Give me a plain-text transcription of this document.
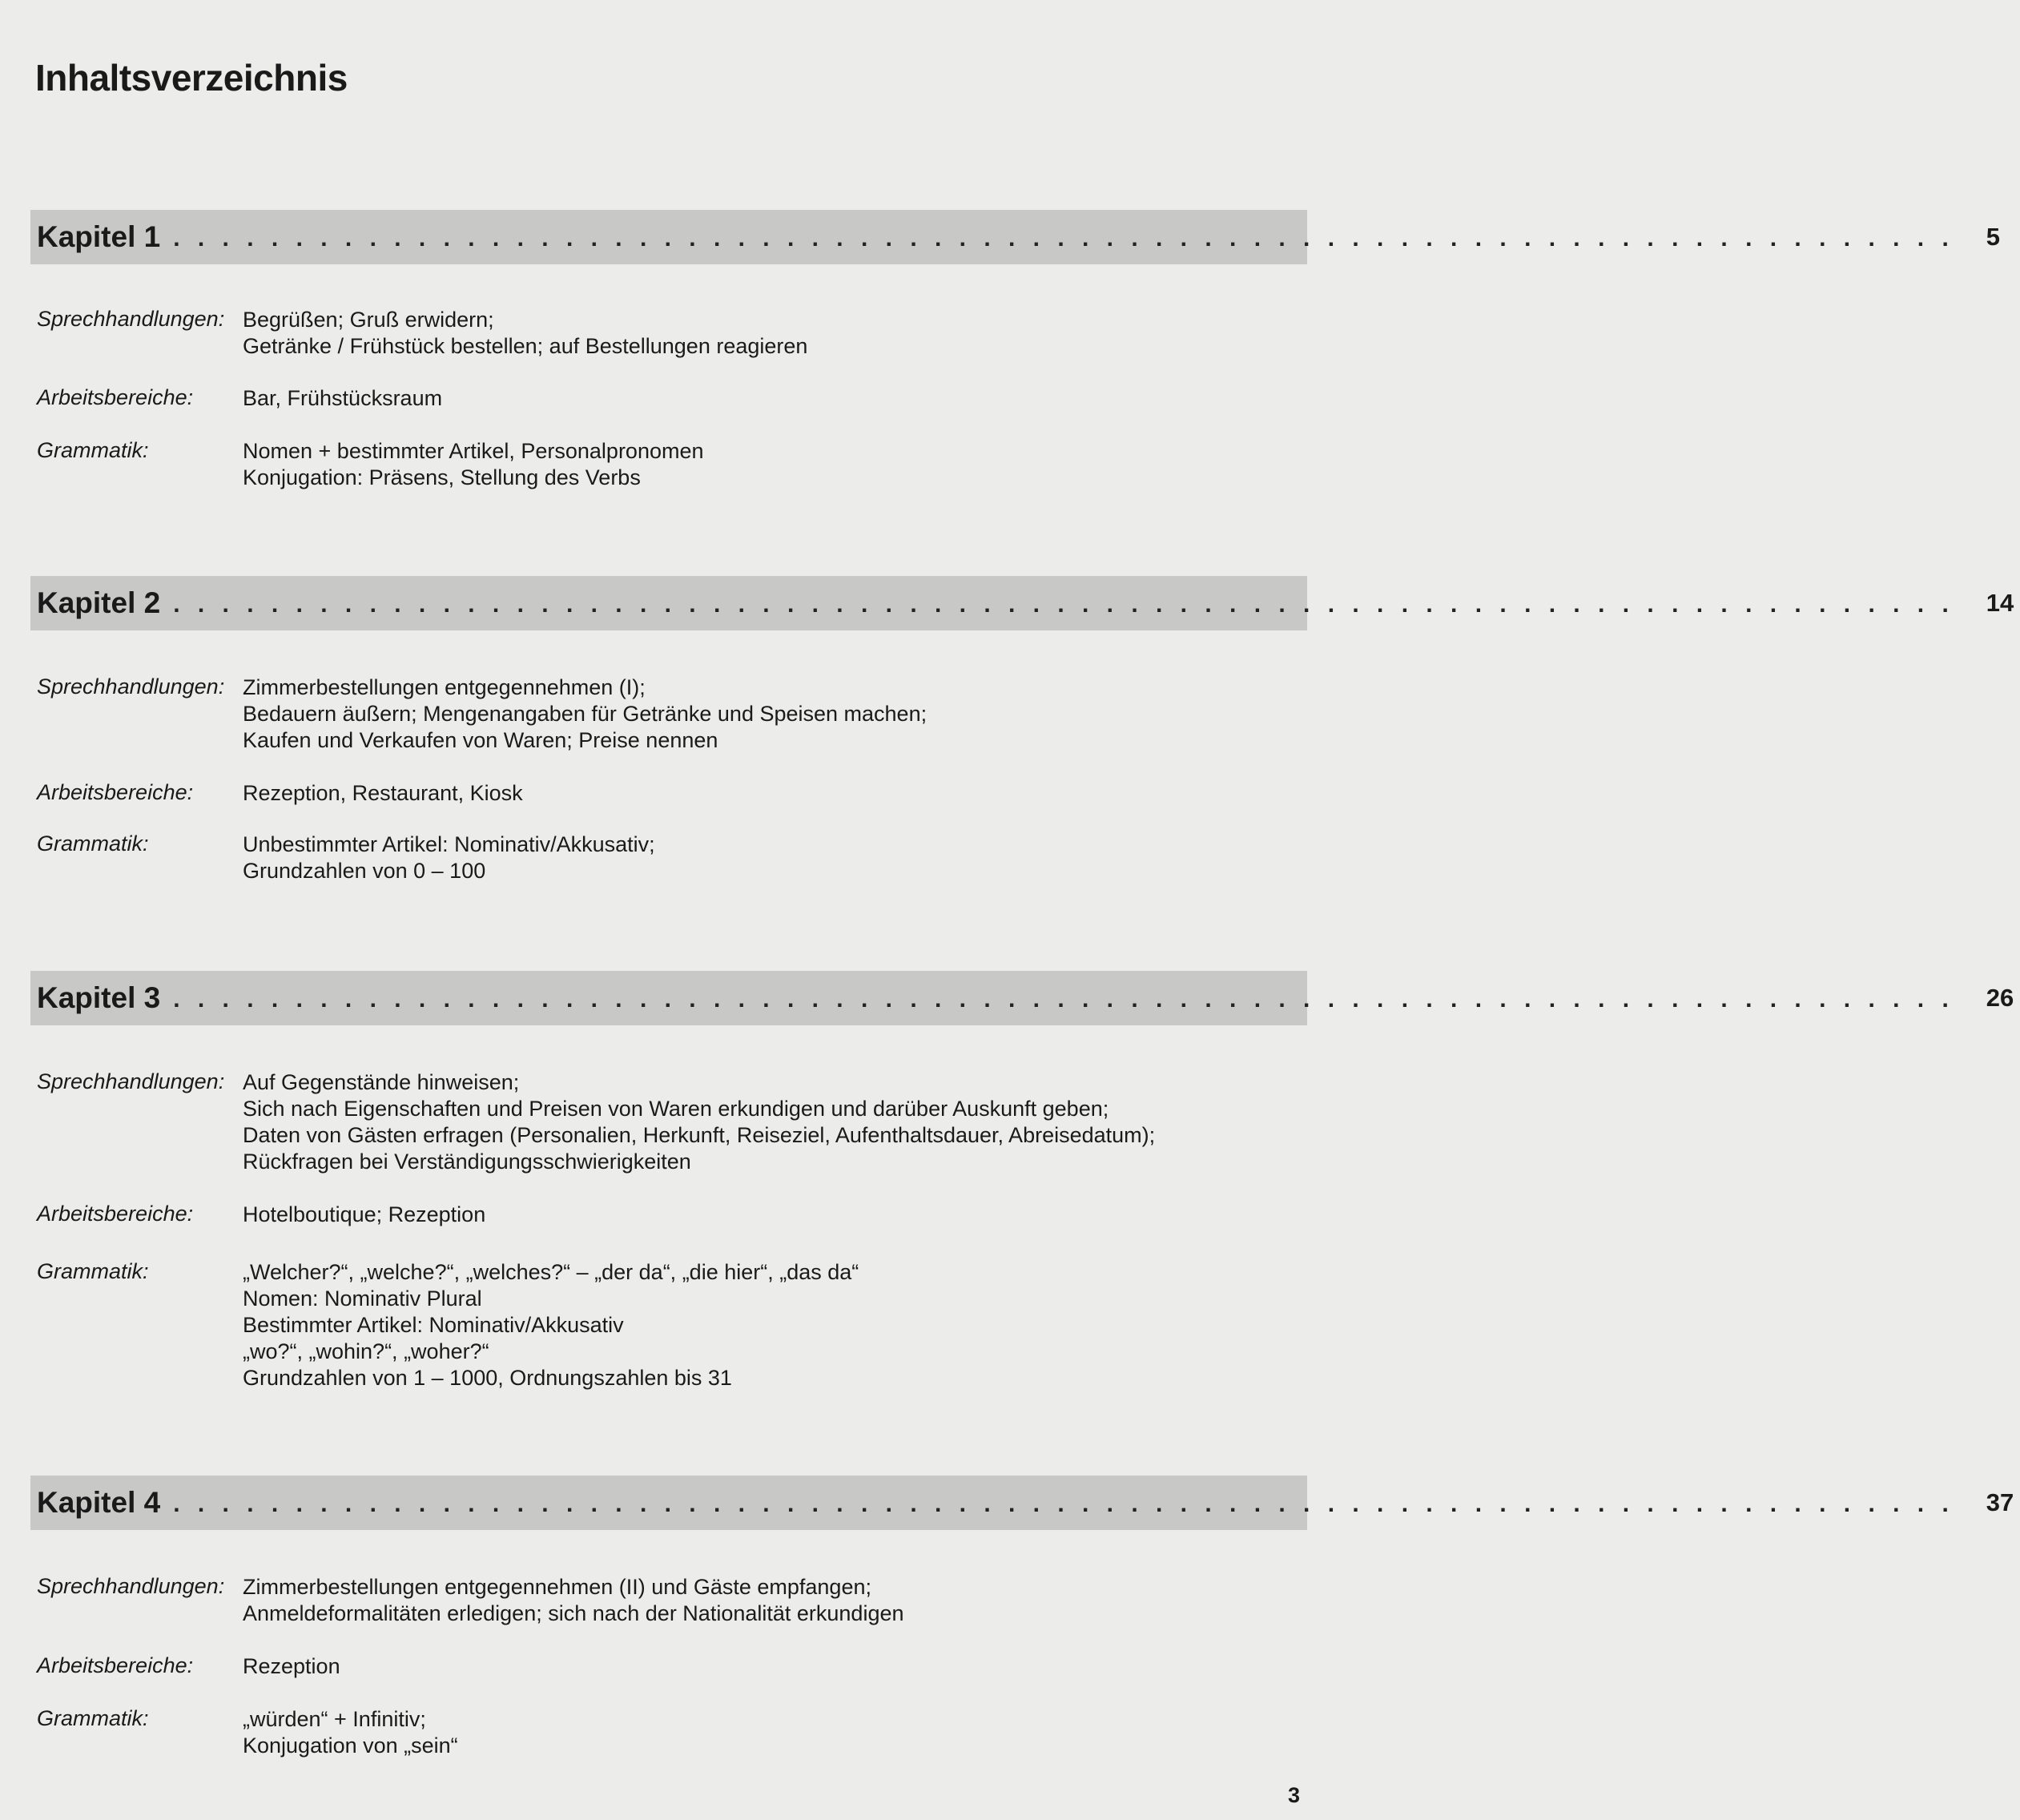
Inhaltsverzeichnis
Kapitel 1 . . . . . . . . . . . . . . . . . . . . . . . . . . . . . . . . . . . . . . . . . . . . . . . . . . . . . . . . . . . . . . . . . . . . . . . . .	5
Sprechhandlungen: Begrüßen; Gruß erwidern;
Getränke / Frühstück bestellen; auf Bestellungen reagieren
Arbeitsbereiche: Bar, Frühstücksraum
Grammatik:	Nomen + bestimmter Artikel, Personalpronomen
Konjugation: Präsens, Stellung des Verbs
Kapitel 2 . . . . . . . . . . . . . . . . . . . . . . . . . . . . . . . . . . . . . . . . . . . . . . . . . . . . . . . . . . . . . . . . . . . . . . . . .	14
Sprechhandlungen: Zimmerbestellungen entgegennehmen (I);
Bedauern äußern; Mengenangaben für Getränke und Speisen machen;
Kaufen und Verkaufen von Waren; Preise nennen
Arbeitsbereiche: Rezeption, Restaurant, Kiosk
Grammatik:	Unbestimmter Artikel: Nominativ/Akkusativ;
Grundzahlen von 0 – 100
Kapitel 3 . . . . . . . . . . . . . . . . . . . . . . . . . . . . . . . . . . . . . . . . . . . . . . . . . . . . . . . . . . . . . . . . . . . . . . . . .	26
Sprechhandlungen: Auf Gegenstände hinweisen;
Sich nach Eigenschaften und Preisen von Waren erkundigen und darüber Auskunft geben;
Daten von Gästen erfragen (Personalien, Herkunft, Reiseziel, Aufenthaltsdauer, Abreisedatum);
Rückfragen bei Verständigungsschwierigkeiten
Arbeitsbereiche: Hotelboutique; Rezeption
Grammatik:	„Welcher?“, „welche?“, „welches?“ – „der da“, „die hier“, „das da“
Nomen: Nominativ Plural
Bestimmter Artikel: Nominativ/Akkusativ
„wo?“, „wohin?“, „woher?“
Grundzahlen von 1 – 1000, Ordnungszahlen bis 31
Kapitel 4 . . . . . . . . . . . . . . . . . . . . . . . . . . . . . . . . . . . . . . . . . . . . . . . . . . . . . . . . . . . . . . . . . . . . . . . . .	37
Sprechhandlungen: Zimmerbestellungen entgegennehmen (II) und Gäste empfangen;
Anmeldeformalitäten erledigen; sich nach der Nationalität erkundigen
Arbeitsbereiche: Rezeption
Grammatik:	„würden“ + Infinitiv;
Konjugation von „sein“
3
